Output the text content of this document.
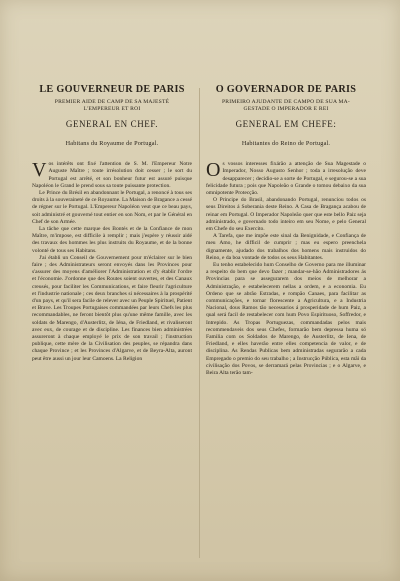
LE GOUVERNEUR DE PARIS
PREMIER AIDE DE CAMP DE SA MAJESTÉ
L'EMPEREUR ET ROI
GENERAL EN CHEF.
Habitans du Royaume de Portugal.

Vos intérêts ont fixé l'attention de S. M. l'Empereur Notre Auguste Maître ; toute irrésolution doit cesser ; le sort du Portugal est arrêté, et son bonheur futur est assuré puisque Napoléon le Grand le prend sous sa toute puissante protection.

Le Prince du Brésil en abandonnant le Portugal, a renoncé à tous ses droits à la souveraineté de ce Royaume. La Maison de Bragance a cessé de régner sur le Portugal. L'Empereur Napoléon veut que ce beau pays, soit administré et gouverné tout entier en son Nom, et par le Général en Chef de son Armée.

La tâche que cette marque des Bontés et de la Confiance de mon Maître, m'impose, est difficile à remplir ; mais j'espère y réussir aidé des travaux des hommes les plus instruits du Royaume, et de la bonne volonté de tous ses Habitans.

J'ai établi un Conseil de Gouvernement pour m'éclairer sur le bien faire ; des Administrateurs seront envoyés dans les Provinces pour s'assurer des moyens d'améliorer l'Administration et d'y établir l'ordre et l'économie. J'ordonne que des Routes soient ouvertes, et des Canaux creusés, pour faciliter les Communications, et faire fleurir l'agriculture et l'industrie nationale ; ces deux branches si nécessaires à la prospérité d'un pays, et qu'il sera facile de relever avec un Peuple Spirituel, Patient et Brave. Les Troupes Portugaises commandées par leurs Chefs les plus recommandables, ne feront bientôt plus qu'une même famille, avec les soldats de Marengo, d'Austerlitz, de Iéna, de Friedland, et rivaliseront avec eux, de courage et de discipline. Les finances bien administrées assureront à chaque employé le prix de son travail ; l'instruction publique, cette mère de la Civilisation des peuples, se répandra dans chaque Province ; et les Provinces d'Algarve, et de Beyra-Alta, auront peut être aussi un jour leur Camoens. La Religion

O GOVERNADOR DE PARIS
PRIMEIRO AJUDANTE DE CAMPO DE SUA MA-
GESTADE O IMPERADOR E REI
GENERAL EM CHEFE:
Habitantes do Reino de Portugal.

Os vossos interesses fixárão a attenção de Sua Magestade o Imperador, Nosso Augusto Senhor ; toda a irresolução deve desapparecer ; decidio-se a sorte de Portugal, e segurou-se a sua felicidade futura ; pois que Napoleão o Grande o tomou debaixo da sua omnipotente Protecção.

O Principe do Brasil, abandonando Portugal, renunciou todos os seus Direitos á Soberania deste Reino. A Casa de Bragança acabou de reinar em Portugal. O Imperador Napoleão quer que este bello Paiz seja administrado, e governado todo inteiro em seu Nome, e pelo General em Chefe do seu Exercito.

A Tarefa, que me impõe este sinal da Benignidade, e Confiança de meu Amo, he difficil de cumprir ; mas eu espero preenchela dignamente, ajudado dos trabalhos dos homens mais instruidos do Reino, e da boa vontade de todos os seus Habitantes.

Eu tenho estabelecido hum Conselho de Governo para me illuminar a respeito do bem que devo fazer ; mandar-se-hão Administradores ás Provincias para se assegurarem dos meios de melhorar a Administração, e estabelecerem nellas a ordem, e a economia. Eu Ordeno que se abrão Estradas, e rompão Canaes, para facilitar as communicações, e tornar florescente a Agricultura, e a Industria Nacional, dous Ramos tão necessarios á prosperidade de hum Paiz, a qual será facil de restabelecer com hum Povo Espirituoso, Soffredor, e Intrepido. As Tropas Portuguezas, commandadas pelos mais recommendaveis dos seus Chefes, formarão bem depressa huma só Familia com os Soldados de Marengo, de Austerlitz, de Iena, de Friedland, e elles haverão entre elles competencia de valor, e de disciplina. As Rendas Publicas bem administradas segurarão a cada Empregado o premio do seu trabalho ; a Instrucção Pública, esta mãi da civilisação dos Povos, se derramará pelas Provincias ; e o Algarve, e Beira Alta terão tam-
